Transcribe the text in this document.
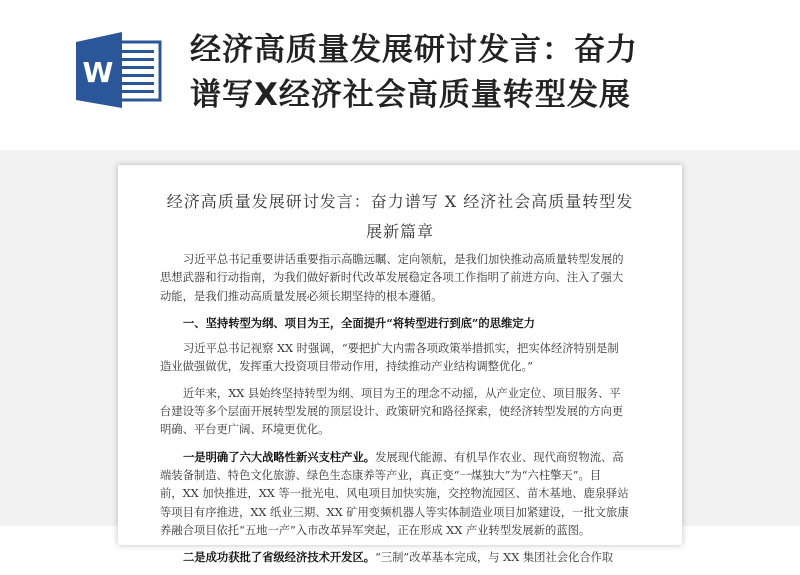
W
经济高质量发展研讨发言：奋力
谱写X经济社会高质量转型发展
经济高质量发展研讨发言：奋力谱写 X 经济社会高质量转型发
展新篇章
习近平总书记重要讲话重要指示高瞻远瞩、定向领航，是我们加快推动高质量转型发展的
思想武器和行动指南，为我们做好新时代改革发展稳定各项工作指明了前进方向、注入了强大
动能，是我们推动高质量发展必须长期坚持的根本遵循。
一、坚持转型为纲、项目为王，全面提升“将转型进行到底”的思维定力
习近平总书记视察 XX 时强调，“要把扩大内需各项政策举措抓实，把实体经济特别是制
造业做强做优，发挥重大投资项目带动作用，持续推动产业结构调整优化。”
近年来，XX 县始终坚持转型为纲、项目为王的理念不动摇，从产业定位、项目服务、平
台建设等多个层面开展转型发展的顶层设计、政策研究和路径探索，使经济转型发展的方向更
明确、平台更广阔、环境更优化。
一是明确了六大战略性新兴支柱产业。发展现代能源、有机旱作农业、现代商贸物流、高
端装备制造、特色文化旅游、绿色生态康养等产业，真正变“一煤独大”为“六柱擎天”。目
前，XX 加快推进，XX 等一批光电、风电项目加快实施，交控物流园区、苗木基地、鹿泉驿站
等项目有序推进，XX 纸业三期、XX 矿用变频机器人等实体制造业项目加紧建设，一批文旅康
养融合项目依托“五地一产”入市改革异军突起，正在形成 XX 产业转型发展新的蓝图。
二是成功获批了省级经济技术开发区。“三制”改革基本完成，与 XX 集团社会化合作取
